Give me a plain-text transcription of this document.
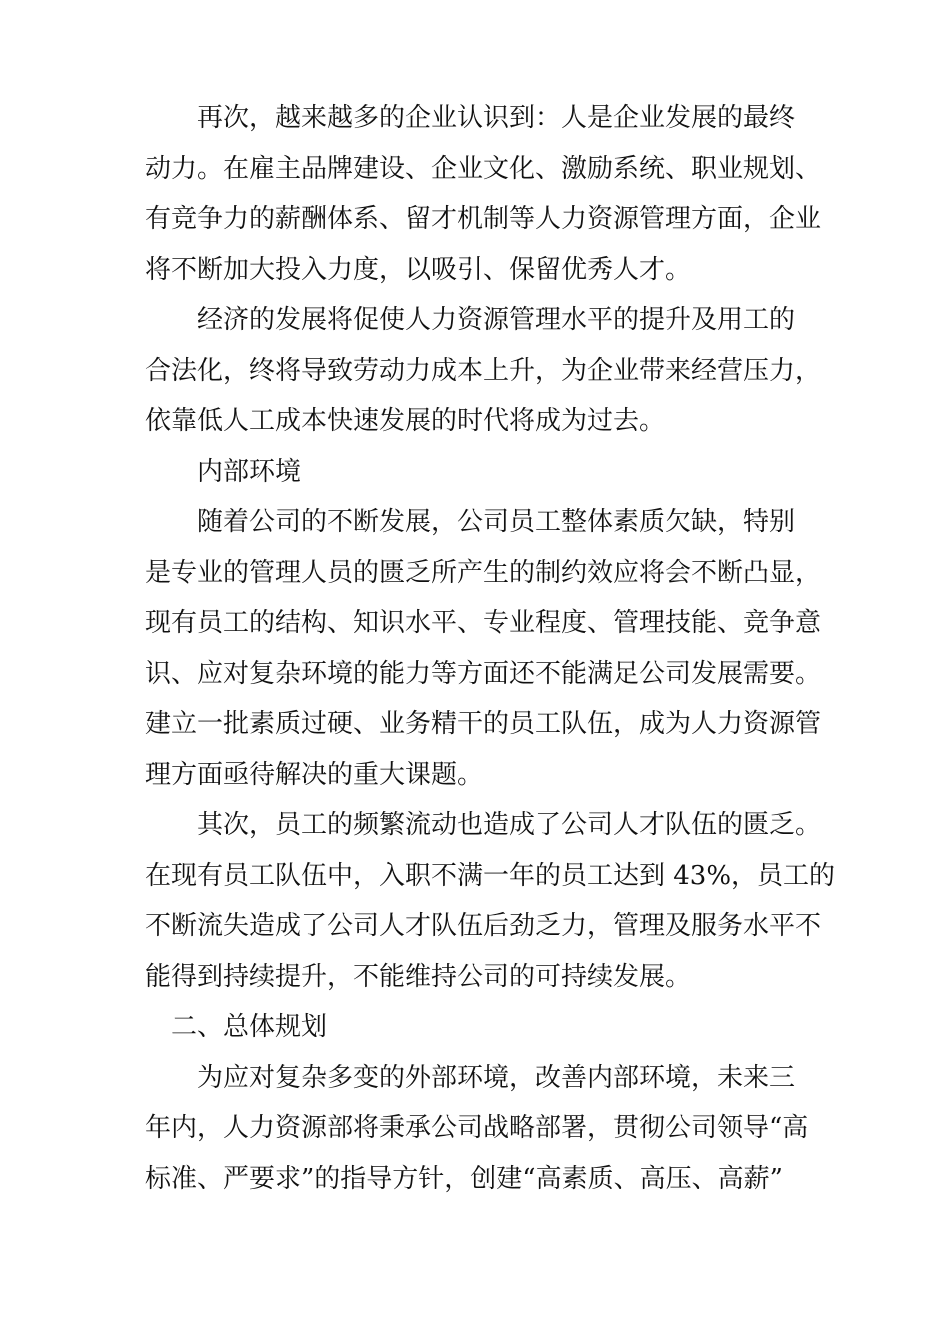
　　再次，越来越多的企业认识到：人是企业发展的最终
动力。在雇主品牌建设、企业文化、激励系统、职业规划、
有竞争力的薪酬体系、留才机制等人力资源管理方面，企业
将不断加大投入力度，以吸引、保留优秀人才。
　　经济的发展将促使人力资源管理水平的提升及用工的
合法化，终将导致劳动力成本上升，为企业带来经营压力，
依靠低人工成本快速发展的时代将成为过去。
　　内部环境
　　随着公司的不断发展，公司员工整体素质欠缺，特别
是专业的管理人员的匮乏所产生的制约效应将会不断凸显，
现有员工的结构、知识水平、专业程度、管理技能、竞争意
识、应对复杂环境的能力等方面还不能满足公司发展需要。
建立一批素质过硬、业务精干的员工队伍，成为人力资源管
理方面亟待解决的重大课题。
　　其次，员工的频繁流动也造成了公司人才队伍的匮乏。
在现有员工队伍中，入职不满一年的员工达到 43%，员工的
不断流失造成了公司人才队伍后劲乏力，管理及服务水平不
能得到持续提升，不能维持公司的可持续发展。
　二、总体规划
　　为应对复杂多变的外部环境，改善内部环境，未来三
年内，人力资源部将秉承公司战略部署，贯彻公司领导“高
标准、严要求”的指导方针，创建“高素质、高压、高薪”
